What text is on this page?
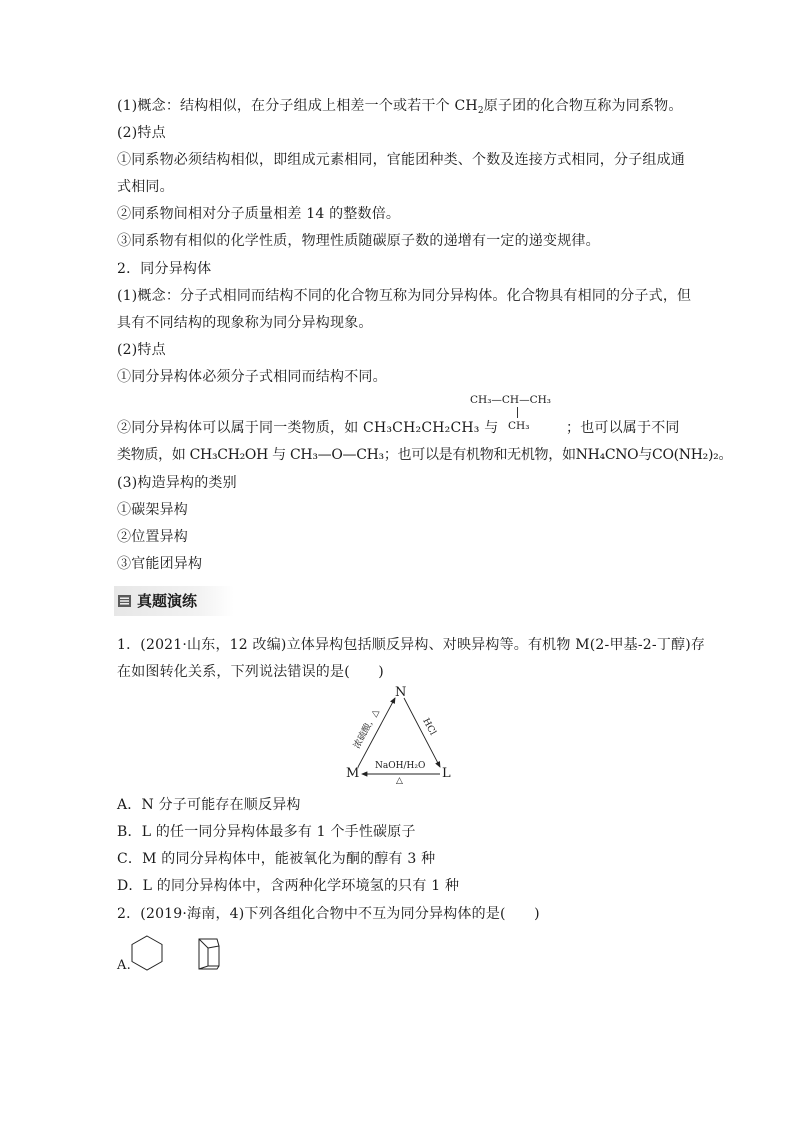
(1)概念：结构相似，在分子组成上相差一个或若干个 $CH_2$原子团的化合物互称为同系物。
(2)特点
①同系物必须结构相似，即组成元素相同，官能团种类、个数及连接方式相同，分子组成通
式相同。
②同系物间相对分子质量相差 14 的整数倍。
③同系物有相似的化学性质，物理性质随碳原子数的递增有一定的递变规律。
2．同分异构体
(1)概念：分子式相同而结构不同的化合物互称为同分异构体。化合物具有相同的分子式，但
具有不同结构的现象称为同分异构现象。
(2)特点
①同分异构体必须分子式相同而结构不同。
CH₃—CH—CH₃
CH₃
②同分异构体可以属于同一类物质，如 CH₃CH₂CH₂CH₃ 与	；也可以属于不同
类物质，如 CH₃CH₂OH 与 CH₃—O—CH₃；也可以是有机物和无机物，如NH₄CNO与CO(NH₂)₂。
(3)构造异构的类别
①碳架异构
②位置异构
③官能团异构
真题演练
1．(2021·山东，12 改编)立体异构包括顺反异构、对映异构等。有机物 M(2-甲基-2-丁醇)存
在如图转化关系，下列说法错误的是(　　)
N
M	L
浓硫酸，△	HCl
NaOH/H₂O
△
A．N 分子可能存在顺反异构
B．L 的任一同分异构体最多有 1 个手性碳原子
C．M 的同分异构体中，能被氧化为酮的醇有 3 种
D．L 的同分异构体中，含两种化学环境氢的只有 1 种
2．(2019·海南，4)下列各组化合物中不互为同分异构体的是(　　)
A.
